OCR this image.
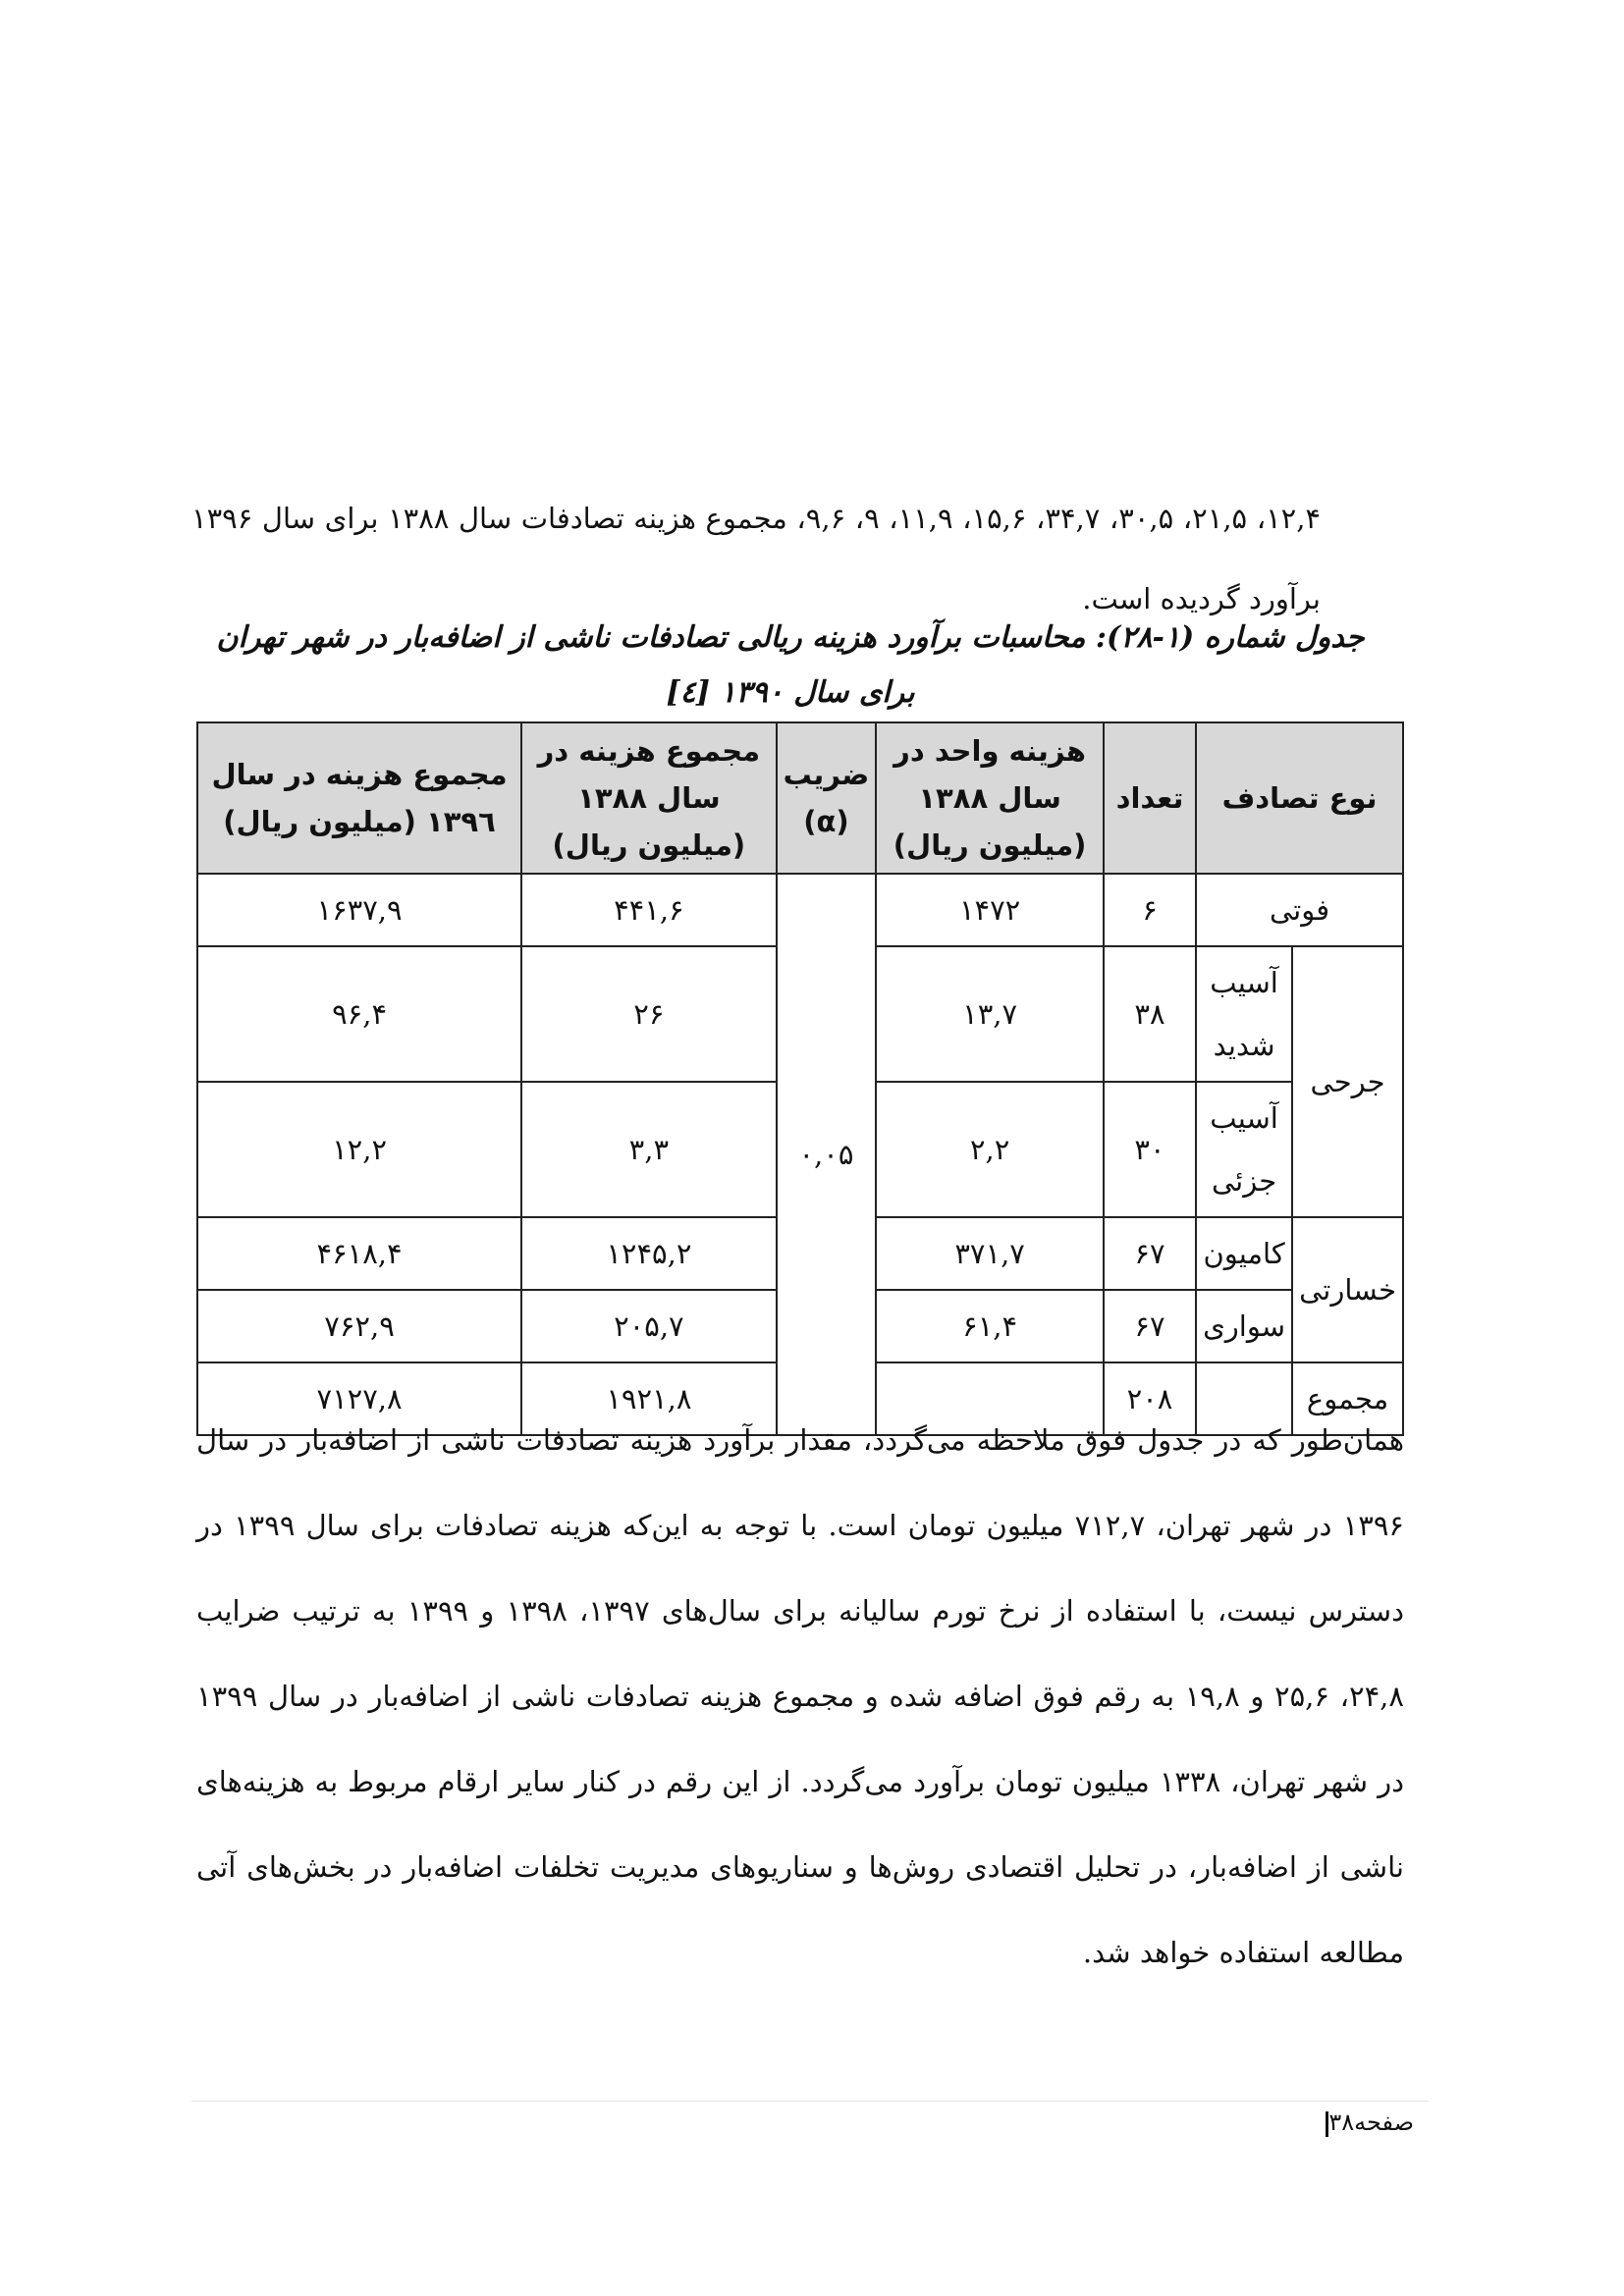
۱۲,۴، ۲۱,۵، ۳۰,۵، ۳۴,۷، ۱۵,۶، ۱۱,۹، ۹، ۹,۶، مجموع هزینه تصادفات سال ۱۳۸۸ برای سال ۱۳۹۶ برآورد گردیده است.

جدول شماره (۱-۲۸): محاسبات برآورد هزینه ریالی تصادفات ناشی از اضافه‌بار در شهر تهران برای سال ۱۳۹۰ [٤]
نوع تصادف		تعداد	هزینه واحد در سال ۱۳۸۸ (میلیون ریال)	ضریب (α)	مجموع هزینه در سال ۱۳۸۸ (میلیون ریال)	مجموع هزینه در سال ۱۳۹٦ (میلیون ریال)
فوتی		۶	۱۴۷۲	۰,۰۵	۴۴۱,۶	۱۶۳۷,۹
جرحی	آسیب شدید	۳۸	۱۳,۷		۲۶	۹۶,۴
	آسیب جزئی	۳۰	۲,۲		۳,۳	۱۲,۲
خسارتی	کامیون	۶۷	۳۷۱,۷		۱۲۴۵,۲	۴۶۱۸,۴
	سواری	۶۷	۶۱,۴		۲۰۵,۷	۷۶۲,۹
مجموع		۲۰۸			۱۹۲۱,۸	۷۱۲۷,۸

همان‌طور که در جدول فوق ملاحظه می‌گردد، مقدار برآورد هزینه تصادفات ناشی از اضافه‌بار در سال ۱۳۹۶ در شهر تهران، ۷۱۲,۷ میلیون تومان است. با توجه به این‌که هزینه تصادفات برای سال ۱۳۹۹ در دسترس نیست، با استفاده از نرخ تورم سالیانه برای سال‌های ۱۳۹۷، ۱۳۹۸ و ۱۳۹۹ به ترتیب ضرایب ۲۴,۸، ۲۵,۶ و ۱۹,۸ به رقم فوق اضافه شده و مجموع هزینه تصادفات ناشی از اضافه‌بار در سال ۱۳۹۹ در شهر تهران، ۱۳۳۸ میلیون تومان برآورد می‌گردد. از این رقم در کنار سایر ارقام مربوط به هزینه‌های ناشی از اضافه‌بار، در تحلیل اقتصادی روش‌ها و سناریوهای مدیریت تخلفات اضافه‌بار در بخش‌های آتی مطالعه استفاده خواهد شد.

صفحه۳۸
